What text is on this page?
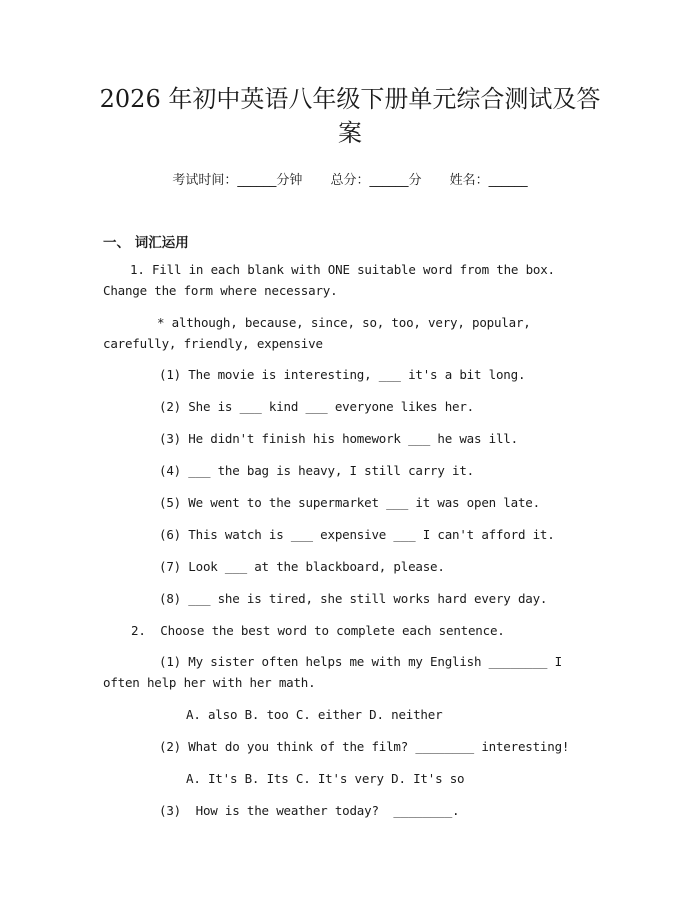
2026 年初中英语八年级下册单元综合测试及答案
考试时间：______分钟 总分：______分 姓名：______
一、 词汇运用
1. Fill in each blank with ONE suitable word from the box. Change the form where necessary.
* although, because, since, so, too, very, popular, carefully, friendly, expensive
(1) The movie is interesting, ___ it's a bit long.
(2) She is ___ kind ___ everyone likes her.
(3) He didn't finish his homework ___ he was ill.
(4) ___ the bag is heavy, I still carry it.
(5) We went to the supermarket ___ it was open late.
(6) This watch is ___ expensive ___ I can't afford it.
(7) Look ___ at the blackboard, please.
(8) ___ she is tired, she still works hard every day.
2.  Choose the best word to complete each sentence.
(1) My sister often helps me with my English ________ I often help her with her math.
A. also B. too C. either D. neither
(2) What do you think of the film? ________ interesting!
A. It's B. Its C. It's very D. It's so
(3)  How is the weather today?  ________.
